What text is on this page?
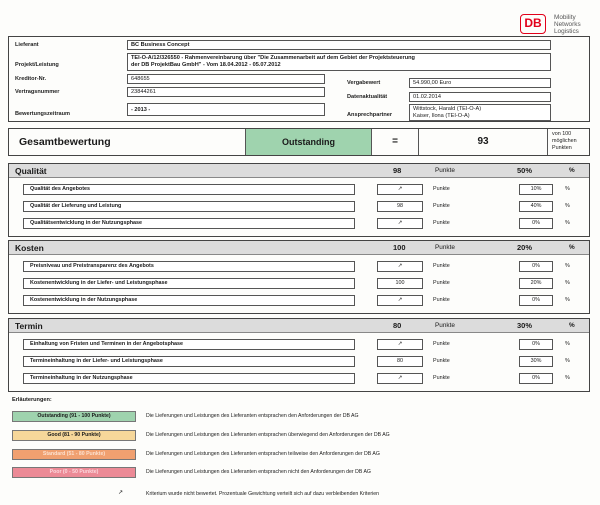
DB	Mobility
Networks
Logistics
Lieferant	BC Business Concept
Projekt/Leistung
TEI-O-A/12/326550 - Rahmenvereinbarung über "Die Zusammenarbeit auf dem Gebiet der Projektsteuerung
der DB ProjektBau GmbH" - Vom 18.04.2012 - 05.07.2012
Kreditor-Nr.	648655
Vertragsnummer	23844261
Bewertungszeitraum
- 2013 -
Vergabewert	54.990,00 Euro
Datenaktualität	01.02.2014
Ansprechpartner
Wittstock, Harald (TEI-O-A)
Kaiser, Ilona (TEI-O-A)
Gesamtbewertung	Outstanding	=	93
von 100 möglichen Punkten
Qualität	98	Punkte	50%	%
Qualität des Angebotes	↗	Punkte	10%	%
Qualität der Lieferung und Leistung	98	Punkte	40%	%
Qualitätsentwicklung in der Nutzungsphase	↗	Punkte	0%	%
Kosten	100	Punkte	20%	%
Preisniveau und Preistransparenz des Angebots	↗	Punkte	0%	%
Kostenentwicklung in der Liefer- und Leistungsphase	100	Punkte	20%	%
Kostenentwicklung in der Nutzungsphase	↗	Punkte	0%	%
Termin	80	Punkte	30%	%
Einhaltung von Fristen und Terminen in der Angebotsphase	↗	Punkte	0%	%
Termineinhaltung in der Liefer- und Leistungsphase	80	Punkte	30%	%
Termineinhaltung in der Nutzungsphase	↗	Punkte	0%	%
Erläuterungen:
Outstanding (91 - 100 Punkte)	Die Lieferungen und Leistungen des Lieferanten entsprachen den Anforderungen der DB AG
Good (81 - 90 Punkte)	Die Lieferungen und Leistungen des Lieferanten entsprachen überwiegend den Anforderungen der DB AG
Standard (51 - 80 Punkte)	Die Lieferungen und Leistungen des Lieferanten entsprachen teilweise den Anforderungen der DB AG
Poor (0 - 50 Punkte)	Die Lieferungen und Leistungen des Lieferanten entsprachen nicht den Anforderungen der DB AG
↗	Kriterium wurde nicht bewertet. Prozentuale Gewichtung verteilt sich auf dazu verbleibenden Kriterien
